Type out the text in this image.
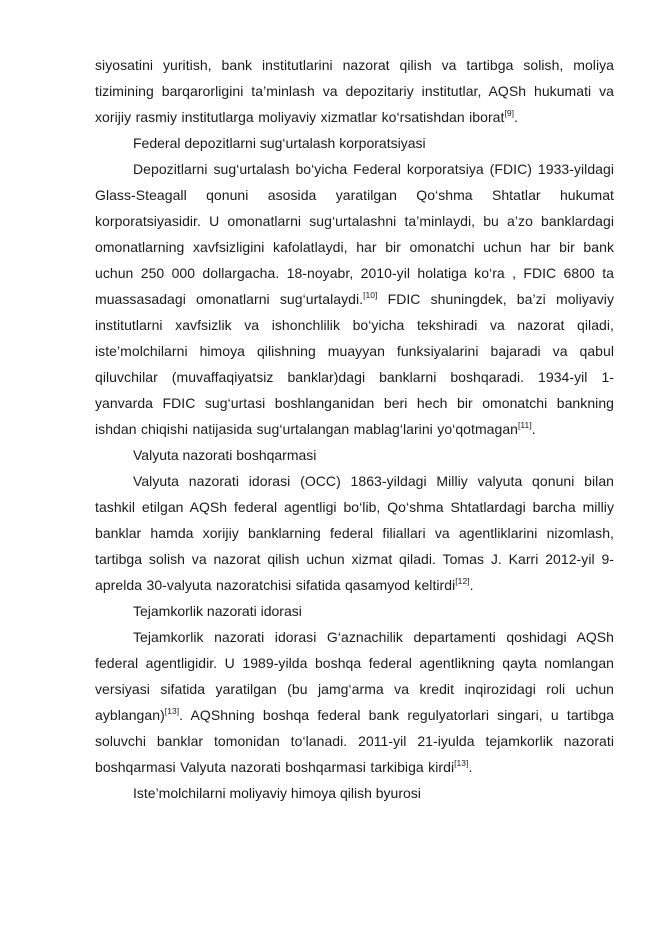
siyosatini yuritish, bank institutlarini nazorat qilish va tartibga solish, moliya tizimining barqarorligini ta’minlash va depozitariy institutlar, AQSh hukumati va xorijiy rasmiy institutlarga moliyaviy xizmatlar ko‘rsatishdan iborat[9].

Federal depozitlarni sug‘urtalash korporatsiyasi

Depozitlarni sug‘urtalash bo‘yicha Federal korporatsiya (FDIC) 1933-yildagi Glass-Steagall qonuni asosida yaratilgan Qo‘shma Shtatlar hukumat korporatsiyasidir. U omonatlarni sug‘urtalashni ta’minlaydi, bu a’zo banklardagi omonatlarning xavfsizligini kafolatlaydi, har bir omonatchi uchun har bir bank uchun 250 000 dollargacha. 18-noyabr, 2010-yil holatiga ko‘ra , FDIC 6800 ta muassasadagi omonatlarni sug‘urtalaydi.[10] FDIC shuningdek, ba’zi moliyaviy institutlarni xavfsizlik va ishonchlilik bo‘yicha tekshiradi va nazorat qiladi, iste’molchilarni himoya qilishning muayyan funksiyalarini bajaradi va qabul qiluvchilar (muvaffaqiyatsiz banklar)dagi banklarni boshqaradi. 1934-yil 1-yanvarda FDIC sug‘urtasi boshlanganidan beri hech bir omonatchi bankning ishdan chiqishi natijasida sug‘urtalangan mablag‘larini yo‘qotmagan[11].

Valyuta nazorati boshqarmasi

Valyuta nazorati idorasi (OCC) 1863-yildagi Milliy valyuta qonuni bilan tashkil etilgan AQSh federal agentligi bo‘lib, Qo‘shma Shtatlardagi barcha milliy banklar hamda xorijiy banklarning federal filiallari va agentliklarini nizomlash, tartibga solish va nazorat qilish uchun xizmat qiladi. Tomas J. Karri 2012-yil 9-aprelda 30-valyuta nazoratchisi sifatida qasamyod keltirdi[12].

Tejamkorlik nazorati idorasi

Tejamkorlik nazorati idorasi G‘aznachilik departamenti qoshidagi AQSh federal agentligidir. U 1989-yilda boshqa federal agentlikning qayta nomlangan versiyasi sifatida yaratilgan (bu jamg‘arma va kredit inqirozidagi roli uchun ayblangan)[13]. AQShning boshqa federal bank regulyatorlari singari, u tartibga soluvchi banklar tomonidan to‘lanadi. 2011-yil 21-iyulda tejamkorlik nazorati boshqarmasi Valyuta nazorati boshqarmasi tarkibiga kirdi[13].

Iste’molchilarni moliyaviy himoya qilish byurosi
